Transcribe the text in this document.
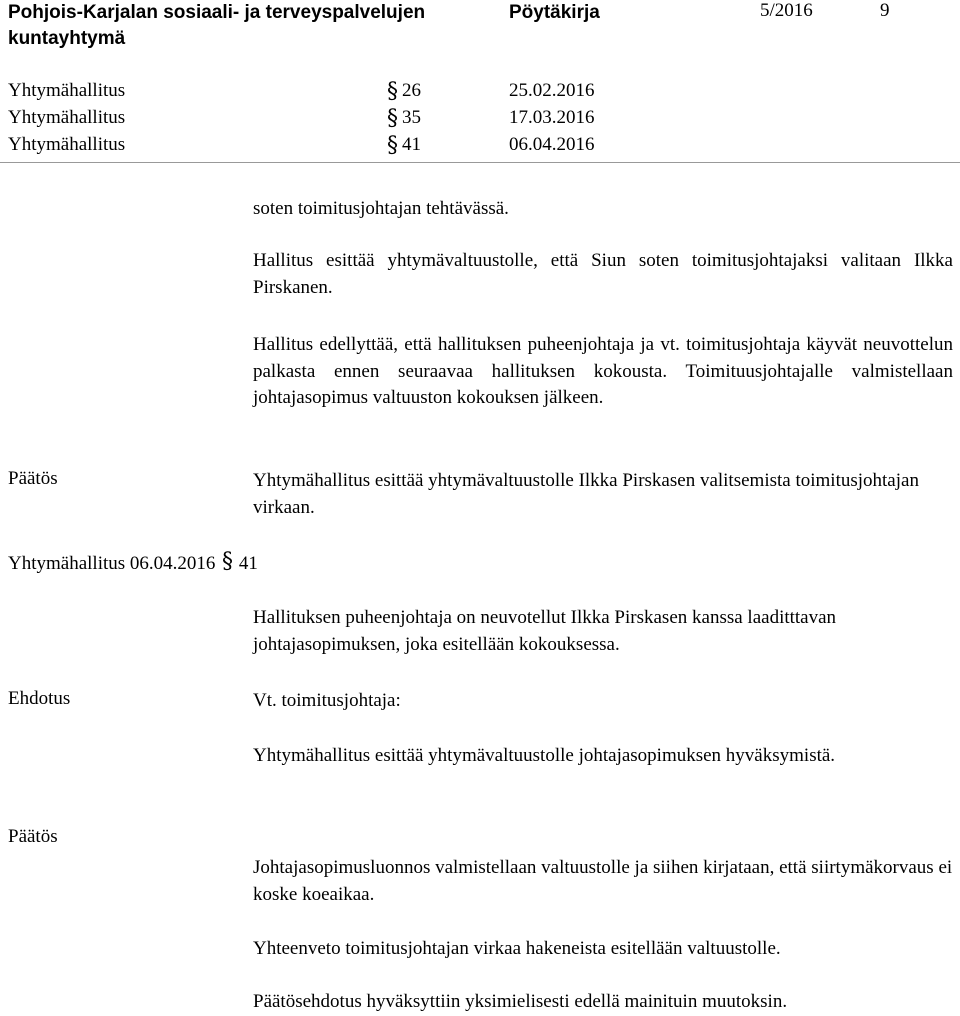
Pohjois-Karjalan sosiaali- ja terveyspalvelujen
kuntayhtymä
Pöytäkirja	5/2016	9
Yhtymähallitus	§ 26	25.02.2016
Yhtymähallitus	§ 35	17.03.2016
Yhtymähallitus	§ 41	06.04.2016
soten toimitusjohtajan tehtävässä.
Hallitus esittää yhtymävaltuustolle, että Siun soten toimitusjohtajaksi valitaan Ilkka Pirskanen.
Hallitus edellyttää, että hallituksen puheenjohtaja ja vt. toimitusjohtaja käyvät neuvottelun palkasta ennen seuraavaa hallituksen kokousta. Toimituusjohtajalle valmistellaan johtajasopimus valtuuston kokouksen jälkeen.
Päätös	Yhtymähallitus esittää yhtymävaltuustolle Ilkka Pirskasen valitsemista toimitusjohtajan virkaan.
Yhtymähallitus 06.04.2016 § 41
Hallituksen puheenjohtaja on neuvotellut Ilkka Pirskasen kanssa laaditttavan johtajasopimuksen, joka esitellään kokouksessa.
Ehdotus	Vt. toimitusjohtaja:
Yhtymähallitus esittää yhtymävaltuustolle johtajasopimuksen hyväksymistä.
Päätös
Johtajasopimusluonnos valmistellaan valtuustolle ja siihen kirjataan, että siirtymäkorvaus ei koske koeaikaa.
Yhteenveto toimitusjohtajan virkaa hakeneista esitellään valtuustolle.
Päätösehdotus hyväksyttiin yksimielisesti edellä mainituin muutoksin.
